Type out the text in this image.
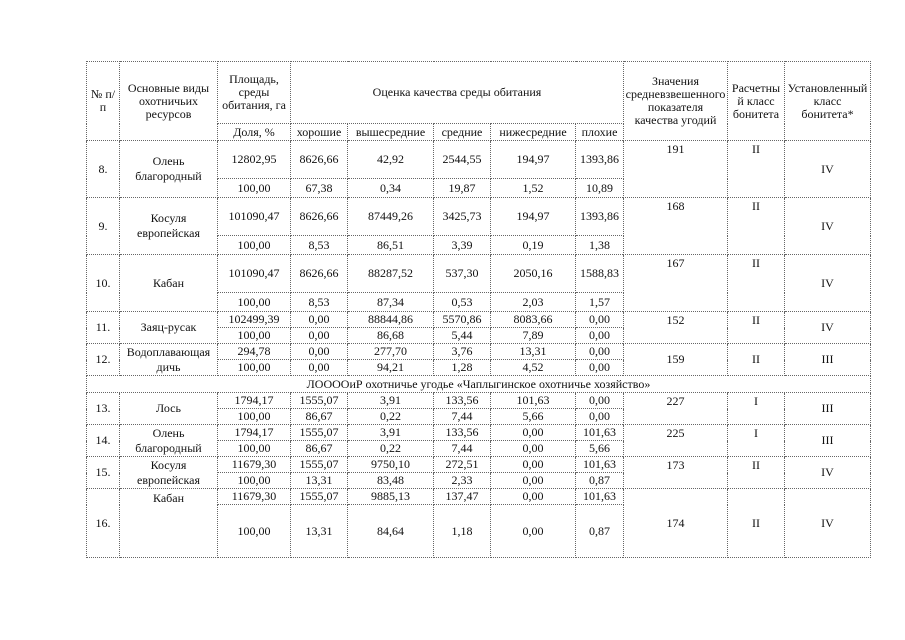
№ п/п	Основные виды охотничьих ресурсов	Площадь, среды обитания, га	Оценка качества среды обитания					Значения средневзвешенного показателя качества угодий	Расчетный класс бонитета	Установленный класс бонитета*
		Доля, %	хорошие	вышесредние	средние	нижесредние	плохие			
8.	Олень благородный	12802,95	8626,66	42,92	2544,55	194,97	1393,86	191	II	IV
		100,00	67,38	0,34	19,87	1,52	10,89			
9.	Косуля европейская	101090,47	8626,66	87449,26	3425,73	194,97	1393,86	168	II	IV
		100,00	8,53	86,51	3,39	0,19	1,38			
10.	Кабан	101090,47	8626,66	88287,52	537,30	2050,16	1588,83	167	II	IV
		100,00	8,53	87,34	0,53	2,03	1,57			
11.	Заяц-русак	102499,39	0,00	88844,86	5570,86	8083,66	0,00	152	II	IV
		100,00	0,00	86,68	5,44	7,89	0,00			
12.	Водоплавающая дичь	294,78	0,00	277,70	3,76	13,31	0,00	159	II	III
		100,00	0,00	94,21	1,28	4,52	0,00			
ЛООООиР охотничье угодье «Чаплыгинское охотничье хозяйство»										
13.	Лось	1794,17	1555,07	3,91	133,56	101,63	0,00	227	I	III
		100,00	86,67	0,22	7,44	5,66	0,00			
14.	Олень благородный	1794,17	1555,07	3,91	133,56	0,00	101,63	225	I	III
		100,00	86,67	0,22	7,44	0,00	5,66			
15.	Косуля европейская	11679,30	1555,07	9750,10	272,51	0,00	101,63	173	II	IV
		100,00	13,31	83,48	2,33	0,00	0,87			
16.	Кабан	11679,30	1555,07	9885,13	137,47	0,00	101,63	174	II	IV
		100,00	13,31	84,64	1,18	0,00	0,87			
